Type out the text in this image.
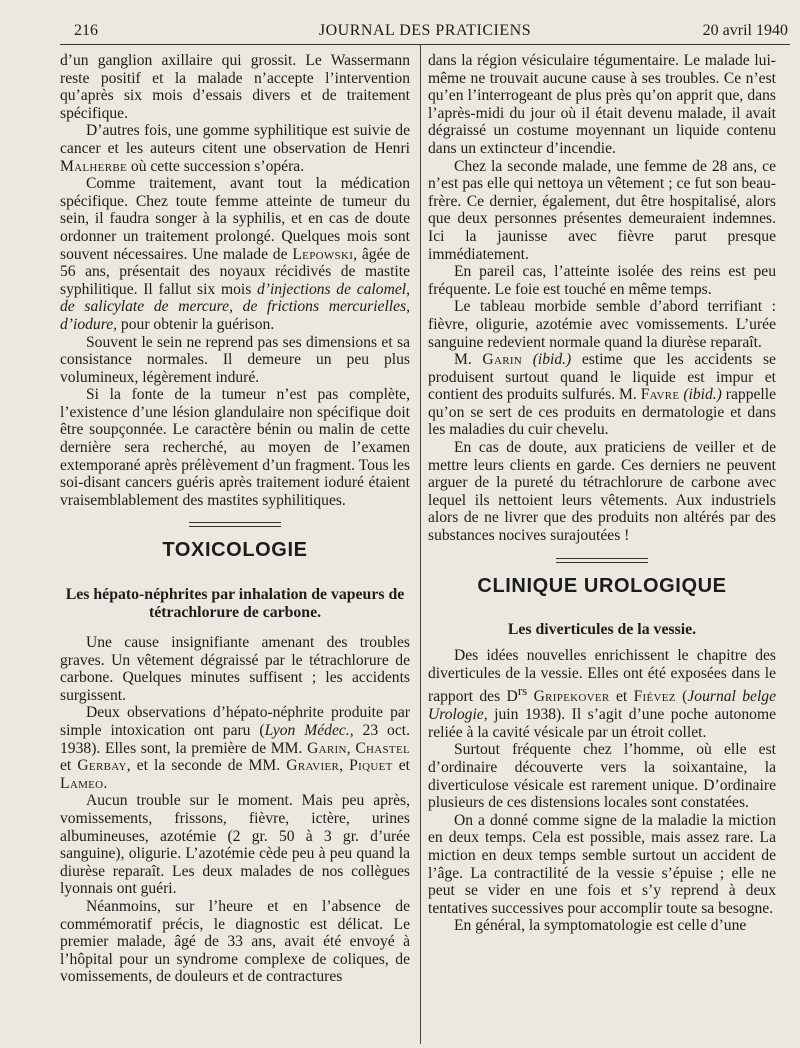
216	JOURNAL DES PRATICIENS	20 avril 1940

d’un ganglion axillaire qui grossit. Le Wassermann reste positif et la malade n’accepte l’intervention qu’après six mois d’essais divers et de traitement spécifique.

D’autres fois, une gomme syphilitique est suivie de cancer et les auteurs citent une observation de Henri Malherbe où cette succession s’opéra.

Comme traitement, avant tout la médication spécifique. Chez toute femme atteinte de tumeur du sein, il faudra songer à la syphilis, et en cas de doute ordonner un traitement prolongé. Quelques mois sont souvent nécessaires. Une malade de Lepowski, âgée de 56 ans, présentait des noyaux récidivés de mastite syphilitique. Il fallut six mois d’injections de calomel, de salicylate de mercure, de frictions mercurielles, d’iodure, pour obtenir la guérison.

Souvent le sein ne reprend pas ses dimensions et sa consistance normales. Il demeure un peu plus volumineux, légèrement induré.

Si la fonte de la tumeur n’est pas complète, l’existence d’une lésion glandulaire non spécifique doit être soupçonnée. Le caractère bénin ou malin de cette dernière sera recherché, au moyen de l’examen extemporané après prélèvement d’un fragment. Tous les soi-disant cancers guéris après traitement ioduré étaient vraisemblablement des mastites syphilitiques.

TOXICOLOGIE
Les hépato-néphrites par inhalation de vapeurs de tétrachlorure de carbone.

Une cause insignifiante amenant des troubles graves. Un vêtement dégraissé par le tétrachlorure de carbone. Quelques minutes suffisent ; les accidents surgissent.

Deux observations d’hépato-néphrite produite par simple intoxication ont paru (Lyon Médec., 23 oct. 1938). Elles sont, la première de MM. Garin, Chastel et Gerbay, et la seconde de MM. Gravier, Piquet et Lameo.

Aucun trouble sur le moment. Mais peu après, vomissements, frissons, fièvre, ictère, urines albumineuses, azotémie (2 gr. 50 à 3 gr. d’urée sanguine), oligurie. L’azotémie cède peu à peu quand la diurèse reparaît. Les deux malades de nos collègues lyonnais ont guéri.

Néanmoins, sur l’heure et en l’absence de commémoratif précis, le diagnostic est délicat. Le premier malade, âgé de 33 ans, avait été envoyé à l’hôpital pour un syndrome complexe de coliques, de vomissements, de douleurs et de contractures

dans la région vésiculaire tégumentaire. Le malade lui-même ne trouvait aucune cause à ses troubles. Ce n’est qu’en l’interrogeant de plus près qu’on apprit que, dans l’après-midi du jour où il était devenu malade, il avait dégraissé un costume moyennant un liquide contenu dans un extincteur d’incendie.

Chez la seconde malade, une femme de 28 ans, ce n’est pas elle qui nettoya un vêtement ; ce fut son beau-frère. Ce dernier, également, dut être hospitalisé, alors que deux personnes présentes demeuraient indemnes. Ici la jaunisse avec fièvre parut presque immédiatement.

En pareil cas, l’atteinte isolée des reins est peu fréquente. Le foie est touché en même temps.

Le tableau morbide semble d’abord terrifiant : fièvre, oligurie, azotémie avec vomissements. L’urée sanguine redevient normale quand la diurèse reparaît.

M. Garin (ibid.) estime que les accidents se produisent surtout quand le liquide est impur et contient des produits sulfurés. M. Favre (ibid.) rappelle qu’on se sert de ces produits en dermatologie et dans les maladies du cuir chevelu.

En cas de doute, aux praticiens de veiller et de mettre leurs clients en garde. Ces derniers ne peuvent arguer de la pureté du tétrachlorure de carbone avec lequel ils nettoient leurs vêtements. Aux industriels alors de ne livrer que des produits non altérés par des substances nocives surajoutées !

CLINIQUE UROLOGIQUE
Les diverticules de la vessie.

Des idées nouvelles enrichissent le chapitre des diverticules de la vessie. Elles ont été exposées dans le rapport des $D^{rs}$ Gripekover et Fiévez (Journal belge Urologie, juin 1938). Il s’agit d’une poche autonome reliée à la cavité vésicale par un étroit collet.

Surtout fréquente chez l’homme, où elle est d’ordinaire découverte vers la soixantaine, la diverticulose vésicale est rarement unique. D’ordinaire plusieurs de ces distensions locales sont constatées.

On a donné comme signe de la maladie la miction en deux temps. Cela est possible, mais assez rare. La miction en deux temps semble surtout un accident de l’âge. La contractilité de la vessie s’épuise ; elle ne peut se vider en une fois et s’y reprend à deux tentatives successives pour accomplir toute sa besogne.

En général, la symptomatologie est celle d’une
